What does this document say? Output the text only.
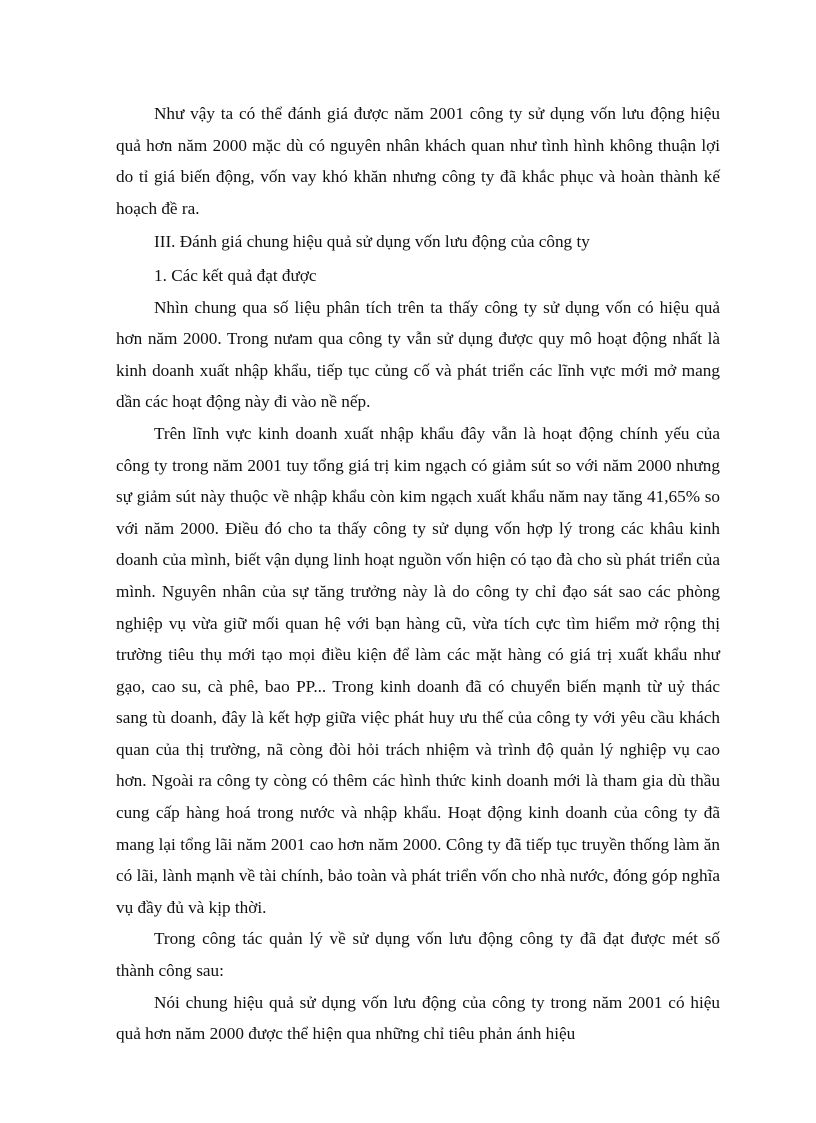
Như vậy ta có thể đánh giá được năm 2001 công ty sử dụng vốn lưu động hiệu quả hơn năm 2000 mặc dù có nguyên nhân khách quan như tình hình không thuận lợi do tỉ giá biến động, vốn vay khó khăn nhưng công ty đã khắc phục và hoàn thành kế hoạch đề ra.

III. Đánh giá chung hiệu quả sử dụng vốn lưu động của công ty

1. Các kết quả đạt được

Nhìn chung qua số liệu phân tích trên ta thấy công ty sử dụng vốn có hiệu quả hơn năm 2000. Trong nưam qua công ty vẫn sử dụng được quy mô hoạt động nhất là kinh doanh xuất nhập khẩu, tiếp tục củng cố và phát triển các lĩnh vực mới mở mang dần các hoạt động này đi vào nề nếp.

Trên lĩnh vực kinh doanh xuất nhập khẩu đây vẫn là hoạt động chính yếu của công ty trong năm 2001 tuy tổng giá trị kim ngạch có giảm sút so với năm 2000 nhưng sự giảm sút này thuộc về nhập khẩu còn kim ngạch xuất khẩu năm nay tăng 41,65% so với năm 2000. Điều đó cho ta thấy công ty sử dụng vốn hợp lý trong các khâu kinh doanh của mình, biết vận dụng linh hoạt nguồn vốn hiện có tạo đà cho sù phát triển của mình. Nguyên nhân của sự tăng trưởng này là do công ty chỉ đạo sát sao các phòng nghiệp vụ vừa giữ mối quan hệ với bạn hàng cũ, vừa tích cực tìm hiểm mở rộng thị trường tiêu thụ mới tạo mọi điều kiện để làm các mặt hàng có giá trị xuất khẩu như gạo, cao su, cà phê, bao PP... Trong kinh doanh đã có chuyển biến mạnh từ uỷ thác sang tù doanh, đây là kết hợp giữa việc phát huy ưu thế của công ty với yêu cầu khách quan của thị trường, nã còng đòi hỏi trách nhiệm và trình độ quản lý nghiệp vụ cao hơn. Ngoài ra công ty còng có thêm các hình thức kinh doanh mới là tham gia dù thầu cung cấp hàng hoá trong nước và nhập khẩu. Hoạt động kinh doanh của công ty đã mang lại tổng lãi năm 2001 cao hơn năm 2000. Công ty đã tiếp tục truyền thống làm ăn có lãi, lành mạnh về tài chính, bảo toàn và phát triển vốn cho nhà nước, đóng góp nghĩa vụ đầy đủ và kịp thời.

Trong công tác quản lý về sử dụng vốn lưu động công ty đã đạt được mét số thành công sau:

Nói chung hiệu quả sử dụng vốn lưu động của công ty trong năm 2001 có hiệu quả hơn năm 2000 được thể hiện qua những chỉ tiêu phản ánh hiệu
